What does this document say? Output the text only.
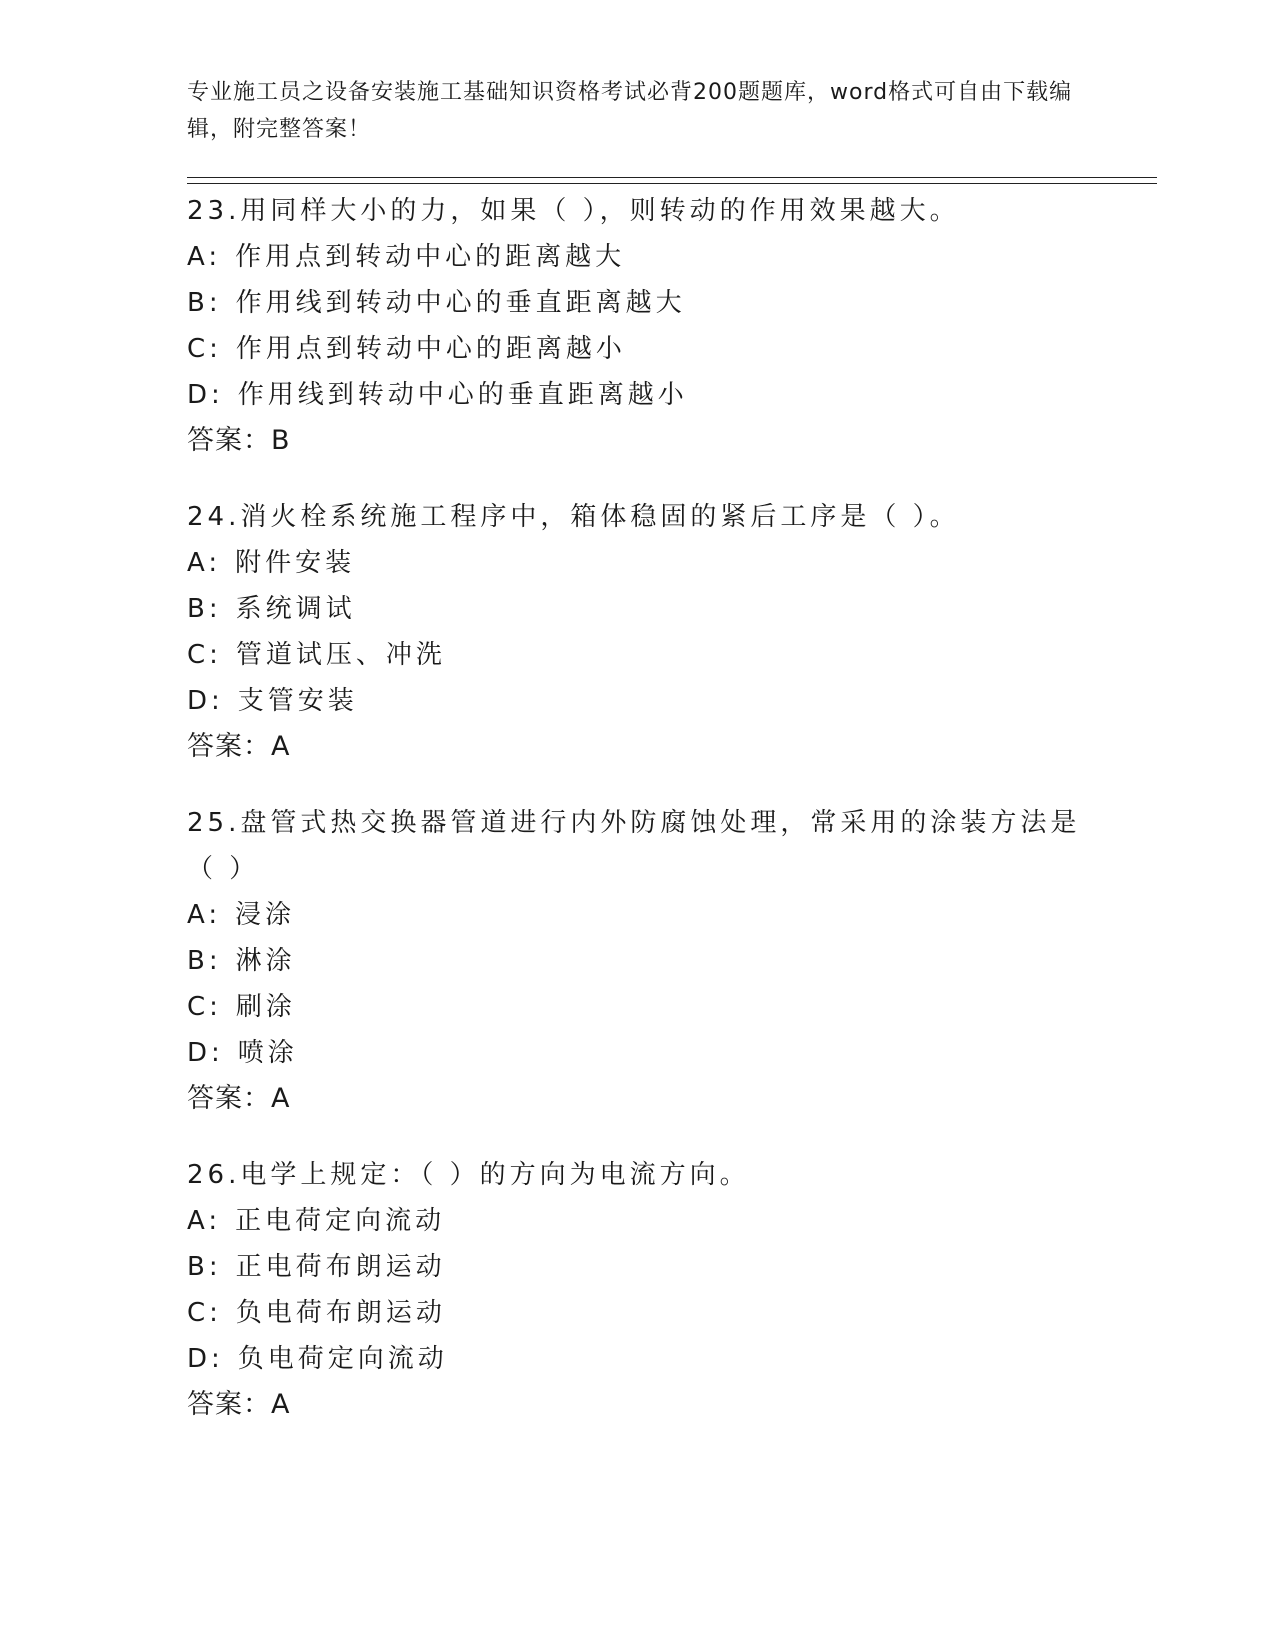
专业施工员之设备安装施工基础知识资格考试必背200题题库，word格式可自由下载编辑，附完整答案！
23.用同样大小的力，如果（ ），则转动的作用效果越大。
A: 作用点到转动中心的距离越大
B: 作用线到转动中心的垂直距离越大
C: 作用点到转动中心的距离越小
D: 作用线到转动中心的垂直距离越小
答案：B
24.消火栓系统施工程序中，箱体稳固的紧后工序是（ ）。
A: 附件安装
B: 系统调试
C: 管道试压、冲洗
D: 支管安装
答案：A
25.盘管式热交换器管道进行内外防腐蚀处理，常采用的涂装方法是（ ）
A: 浸涂
B: 淋涂
C: 刷涂
D: 喷涂
答案：A
26.电学上规定：（ ）的方向为电流方向。
A: 正电荷定向流动
B: 正电荷布朗运动
C: 负电荷布朗运动
D: 负电荷定向流动
答案：A
